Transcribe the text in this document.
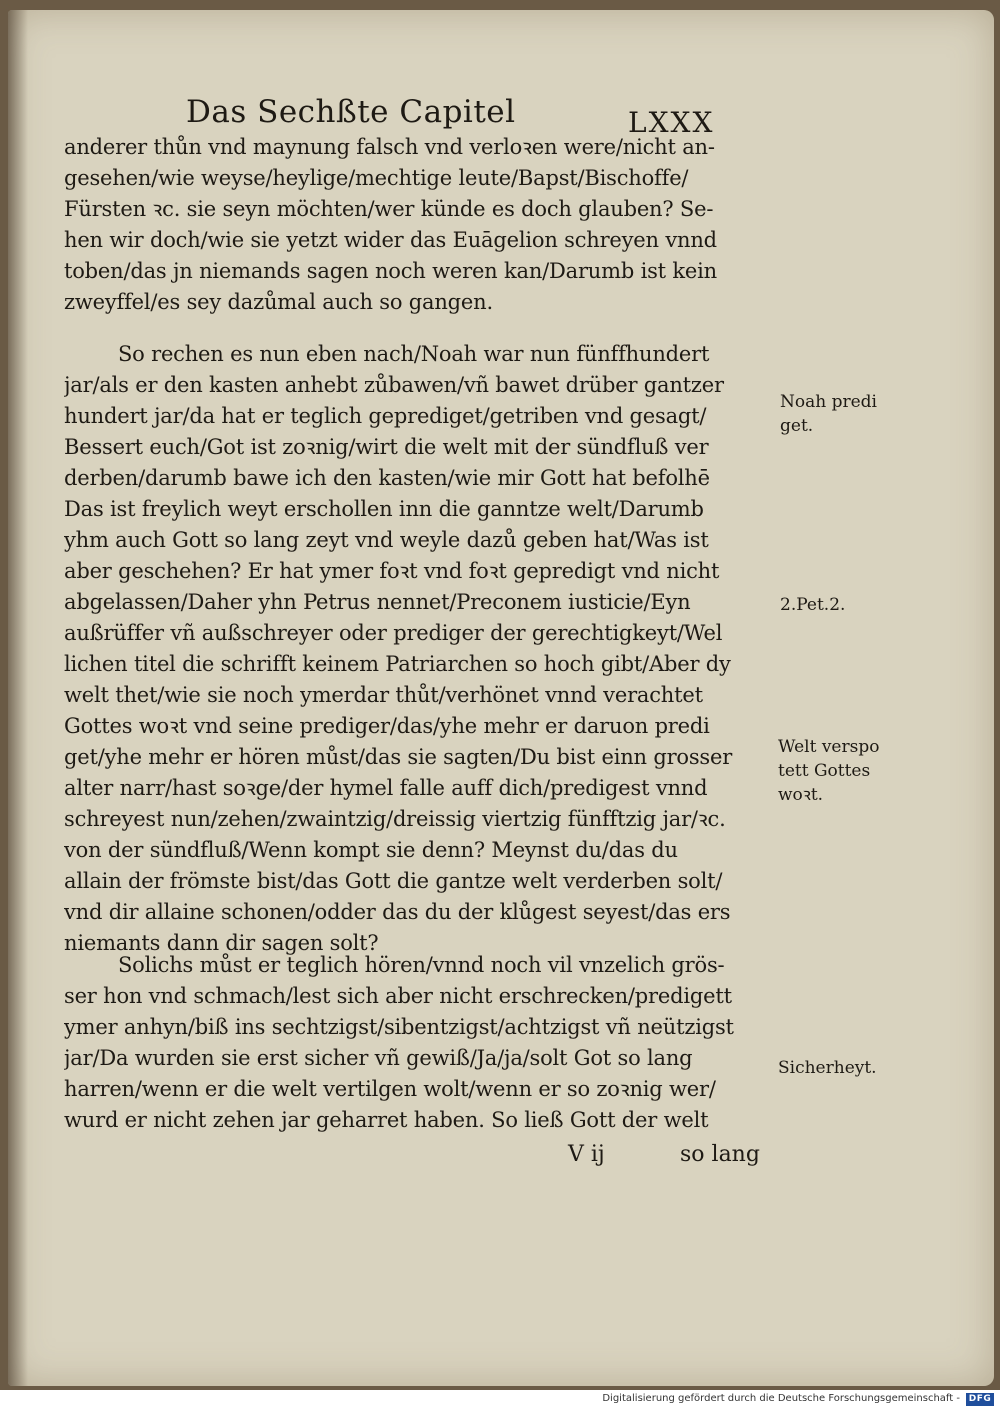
Das Sechßte Capitel	LXXX
anderer thůn vnd maynung falsch vnd verloꝛen were/nicht an-
gesehen/wie weyse/heylige/mechtige leute/Bapst/Bischoffe/
Fürsten ꝛc. sie seyn möchten/wer künde es doch glauben? Se-
hen wir doch/wie sie yetzt wider das Euāgelion schreyen vnnd
toben/das jn niemands sagen noch weren kan/Darumb ist kein
zweyffel/es sey dazůmal auch so gangen.
So rechen es nun eben nach/Noah war nun fünffhundert
jar/als er den kasten anhebt zůbawen/vñ bawet drüber gantzer
hundert jar/da hat er teglich geprediget/getriben vnd gesagt/
Bessert euch/Got ist zoꝛnig/wirt die welt mit der sündfluß ver
derben/darumb bawe ich den kasten/wie mir Gott hat befolhē
Das ist freylich weyt erschollen inn die ganntze welt/Darumb
yhm auch Gott so lang zeyt vnd weyle dazů geben hat/Was ist
aber geschehen? Er hat ymer foꝛt vnd foꝛt gepredigt vnd nicht
abgelassen/Daher yhn Petrus nennet/Preconem iusticie/Eyn
außrüffer vñ außschreyer oder prediger der gerechtigkeyt/Wel
lichen titel die schrifft keinem Patriarchen so hoch gibt/Aber dy
welt thet/wie sie noch ymerdar thůt/verhönet vnnd verachtet
Gottes woꝛt vnd seine prediger/das/yhe mehr er daruon predi
get/yhe mehr er hören můst/das sie sagten/Du bist einn grosser
alter narr/hast soꝛge/der hymel falle auff dich/predigest vnnd
schreyest nun/zehen/zwaintzig/dreissig viertzig fünfftzig jar/ꝛc.
von der sündfluß/Wenn kompt sie denn? Meynst du/das du
allain der frömste bist/das Gott die gantze welt verderben solt/
vnd dir allaine schonen/odder das du der klůgest seyest/das ers
niemants dann dir sagen solt?
Solichs můst er teglich hören/vnnd noch vil vnzelich grös-
ser hon vnd schmach/lest sich aber nicht erschrecken/predigett
ymer anhyn/biß ins sechtzigst/sibentzigst/achtzigst vñ neützigst
jar/Da wurden sie erst sicher vñ gewiß/Ja/ja/solt Got so lang
harren/wenn er die welt vertilgen wolt/wenn er so zoꝛnig wer/
wurd er nicht zehen jar geharret haben. So ließ Gott der welt
V ij	so lang
Noah predi
get.
2.Pet.2.
Welt verspo
tett Gottes
woꝛt.
Sicherheyt.
Digitalisierung gefördert durch die Deutsche Forschungsgemeinschaft - DFG
